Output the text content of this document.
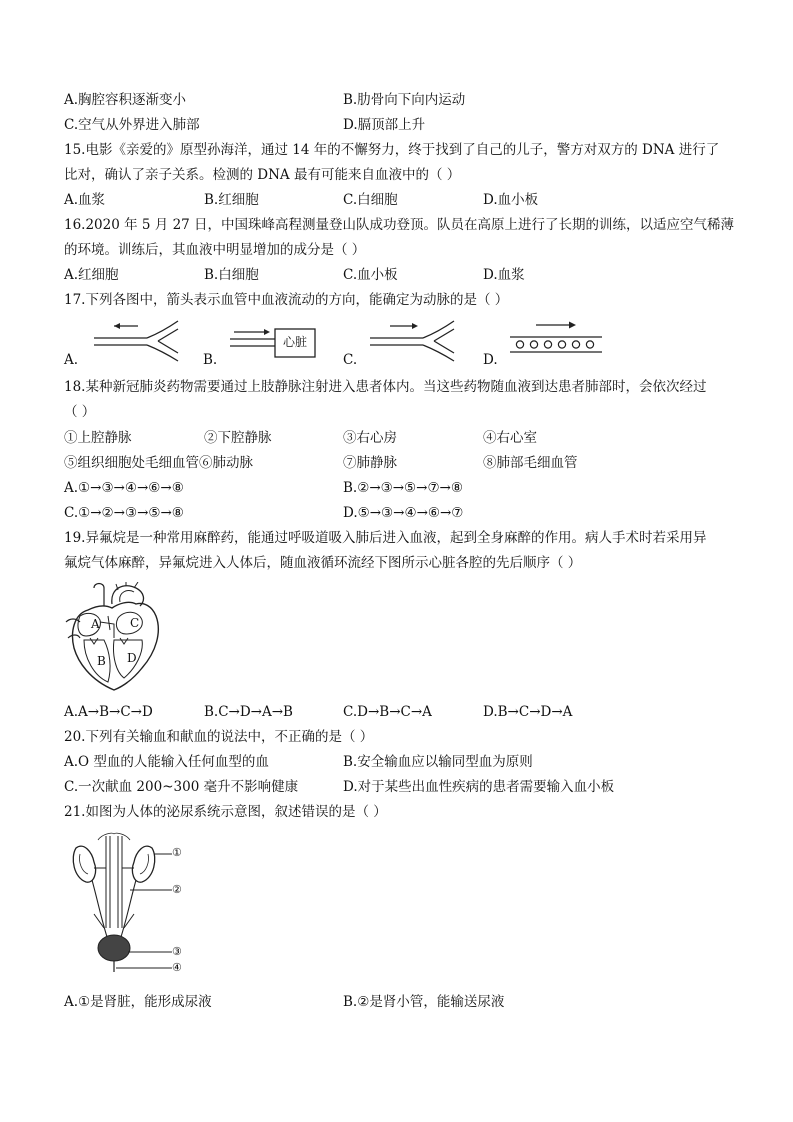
A.胸腔容积逐渐变小	B.肋骨向下向内运动
C.空气从外界进入肺部	D.膈顶部上升
15.电影《亲爱的》原型孙海洋，通过 14 年的不懈努力，终于找到了自己的儿子，警方对双方的 DNA 进行了
比对，确认了亲子关系。检测的 DNA 最有可能来自血液中的（ ）
A.血浆	B.红细胞	C.白细胞	D.血小板
16.2020 年 5 月 27 日，中国珠峰高程测量登山队成功登顶。队员在高原上进行了长期的训练，以适应空气稀薄
的环境。训练后，其血液中明显增加的成分是（ ）
A.红细胞	B.白细胞	C.血小板	D.血浆
17.下列各图中，箭头表示血管中血液流动的方向，能确定为动脉的是（ ）
A.
心脏
B.	C.	D.
18.某种新冠肺炎药物需要通过上肢静脉注射进入患者体内。当这些药物随血液到达患者肺部时，会依次经过
（ ）
①上腔静脉	②下腔静脉	③右心房	④右心室
⑤组织细胞处毛细血管⑥肺动脉	⑦肺静脉	⑧肺部毛细血管
A.①→③→④→⑥→⑧	B.②→③→⑤→⑦→⑧
C.①→②→③→⑤→⑧	D.⑤→③→④→⑥→⑦
19.异氟烷是一种常用麻醉药，能通过呼吸道吸入肺后进入血液，起到全身麻醉的作用。病人手术时若采用异
氟烷气体麻醉，异氟烷进入人体后，随血液循环流经下图所示心脏各腔的先后顺序（ ）
A	C
B D
A.A→B→C→D	B.C→D→A→B	C.D→B→C→A	D.B→C→D→A
20.下列有关输血和献血的说法中，不正确的是（ ）
A.O 型血的人能输入任何血型的血	B.安全输血应以输同型血为原则
C.一次献血 200~300 毫升不影响健康	D.对于某些出血性疾病的患者需要输入血小板
21.如图为人体的泌尿系统示意图，叙述错误的是（ ）
①
②
③
④
A.①是肾脏，能形成尿液	B.②是肾小管，能输送尿液
